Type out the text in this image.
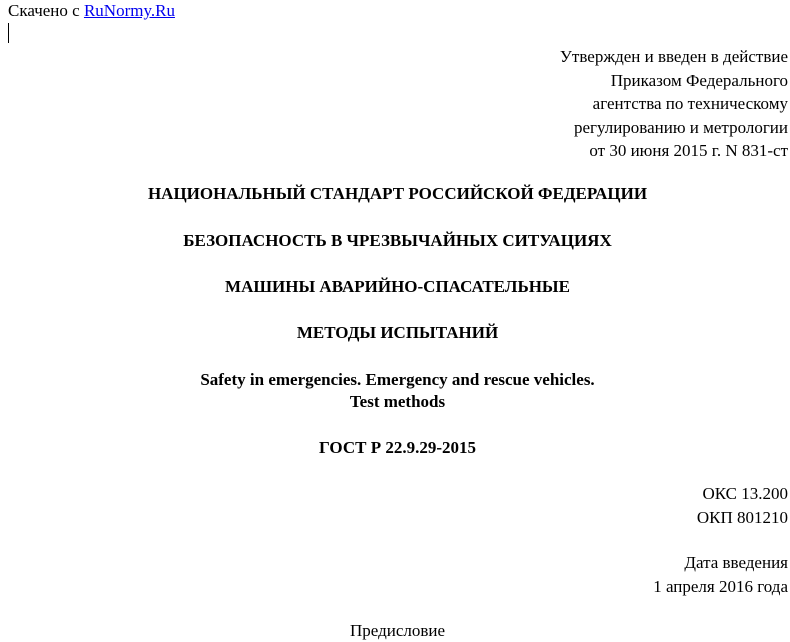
Скачено с RuNormy.Ru
Утвержден и введен в действие
Приказом Федерального
агентства по техническому
регулированию и метрологии
от 30 июня 2015 г. N 831-ст
НАЦИОНАЛЬНЫЙ СТАНДАРТ РОССИЙСКОЙ ФЕДЕРАЦИИ
БЕЗОПАСНОСТЬ В ЧРЕЗВЫЧАЙНЫХ СИТУАЦИЯХ
МАШИНЫ АВАРИЙНО-СПАСАТЕЛЬНЫЕ
МЕТОДЫ ИСПЫТАНИЙ
Safety in emergencies. Emergency and rescue vehicles.
Test methods
ГОСТ Р 22.9.29-2015
ОКС 13.200
ОКП 801210
Дата введения
1 апреля 2016 года
Предисловие
